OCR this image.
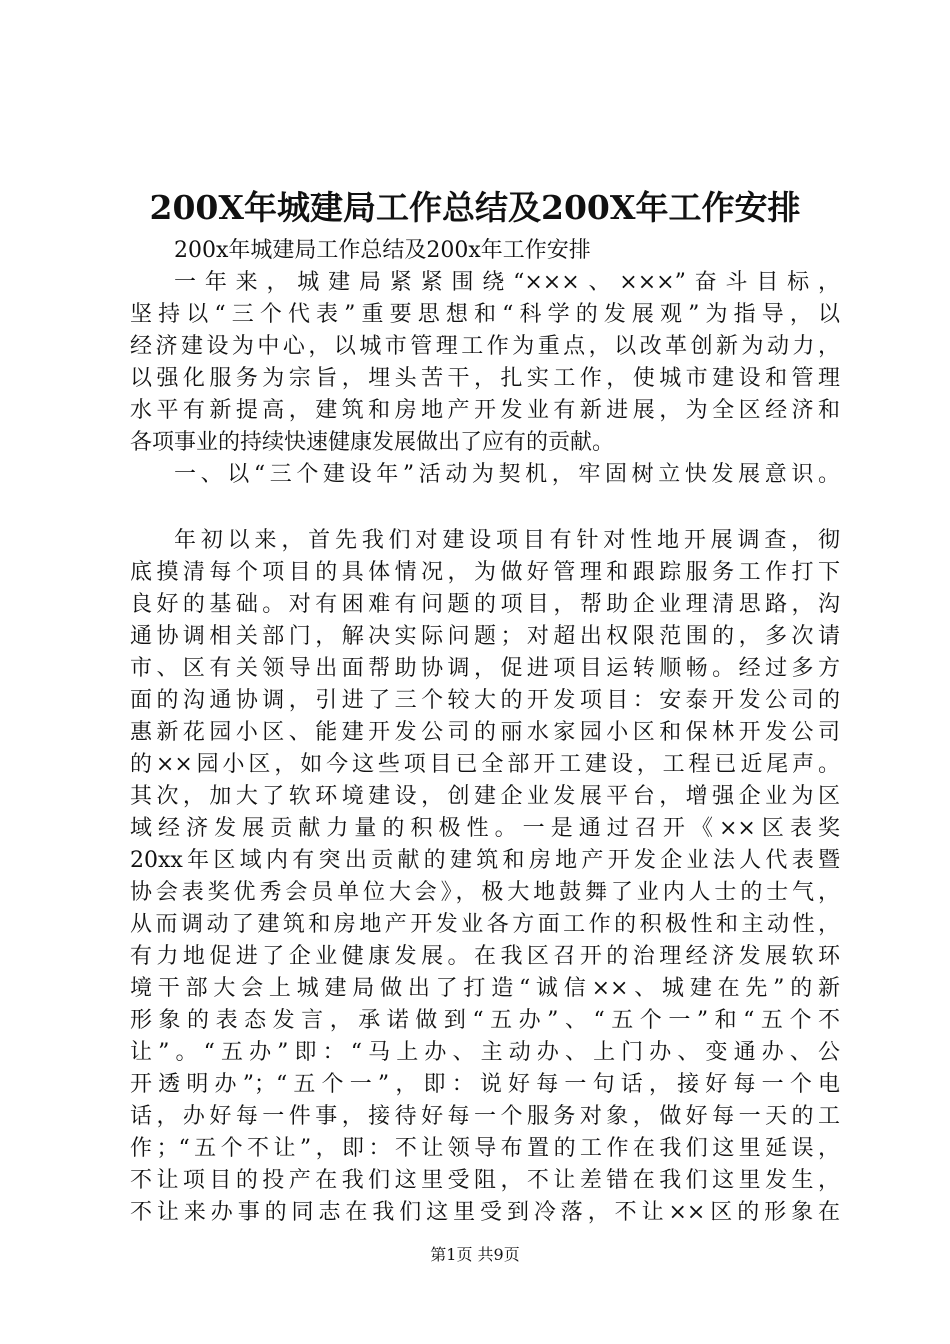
200X年城建局工作总结及200X年工作安排
200x年城建局工作总结及200x年工作安排
一年来，城建局紧紧围绕“×××、×××”奋斗目标，
坚持以“三个代表”重要思想和“科学的发展观”为指导，以
经济建设为中心，以城市管理工作为重点，以改革创新为动力，
以强化服务为宗旨，埋头苦干，扎实工作，使城市建设和管理
水平有新提高，建筑和房地产开发业有新进展，为全区经济和
各项事业的持续快速健康发展做出了应有的贡献。
一、以“三个建设年”活动为契机，牢固树立快发展意识。
年初以来，首先我们对建设项目有针对性地开展调查，彻
底摸清每个项目的具体情况，为做好管理和跟踪服务工作打下
良好的基础。对有困难有问题的项目，帮助企业理清思路，沟
通协调相关部门，解决实际问题；对超出权限范围的，多次请
市、区有关领导出面帮助协调，促进项目运转顺畅。经过多方
面的沟通协调，引进了三个较大的开发项目：安泰开发公司的
惠新花园小区、能建开发公司的丽水家园小区和保林开发公司
的××园小区，如今这些项目已全部开工建设，工程已近尾声。
其次，加大了软环境建设，创建企业发展平台，增强企业为区
域经济发展贡献力量的积极性。一是通过召开《××区表奖
20xx年区域内有突出贡献的建筑和房地产开发企业法人代表暨
协会表奖优秀会员单位大会》，极大地鼓舞了业内人士的士气，
从而调动了建筑和房地产开发业各方面工作的积极性和主动性，
有力地促进了企业健康发展。在我区召开的治理经济发展软环
境干部大会上城建局做出了打造“诚信××、城建在先”的新
形象的表态发言，承诺做到“五办”、“五个一”和“五个不
让”。“五办”即：“马上办、主动办、上门办、变通办、公
开透明办”；“五个一”，即：说好每一句话，接好每一个电
话，办好每一件事，接待好每一个服务对象，做好每一天的工
作；“五个不让”，即：不让领导布置的工作在我们这里延误，
不让项目的投产在我们这里受阻，不让差错在我们这里发生，
不让来办事的同志在我们这里受到冷落，不让××区的形象在
第1页 共9页
